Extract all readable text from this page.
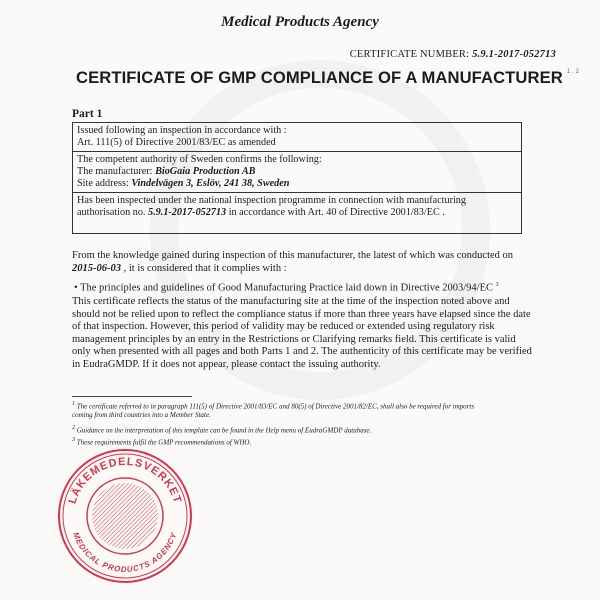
Medical Products Agency
CERTIFICATE NUMBER: 5.9.1-2017-052713
CERTIFICATE OF GMP COMPLIANCE OF A MANUFACTURER $^{1 , 2}$
Part 1
Issued following an inspection in accordance with :
Art. 111(5) of Directive 2001/83/EC as amended
The competent authority of Sweden confirms the following:
The manufacturer: BioGaia Production AB
Site address: Vindelvägen 3, Eslöv, 241 38, Sweden
Has been inspected under the national inspection programme in connection with manufacturing
authorisation no. 5.9.1-2017-052713 in accordance with Art. 40 of Directive 2001/83/EC .
From the knowledge gained during inspection of this manufacturer, the latest of which was conducted on
2015-06-03 , it is considered that it complies with :
• The principles and guidelines of Good Manufacturing Practice laid down in Directive 2003/94/EC $^3$
This certificate reflects the status of the manufacturing site at the time of the inspection noted above and
should not be relied upon to reflect the compliance status if more than three years have elapsed since the date
of that inspection. However, this period of validity may be reduced or extended using regulatory risk
management principles by an entry in the Restrictions or Clarifying remarks field. This certificate is valid
only when presented with all pages and both Parts 1 and 2. The authenticity of this certificate may be verified
in EudraGMDP. If it does not appear, please contact the issuing authority.
$^1$ The certificate referred to in paragraph 111(5) of Directive 2001/83/EC and 80(5) of Directive 2001/82/EC, shall also be required for imports
coming from third countries into a Member State.
$^2$ Guidance on the interpretation of this template can be found in the Help menu of EudraGMDP database.
$^3$ These requirements fulfil the GMP recommendations of WHO.
LÄKEMEDELSVERKET
MEDICAL PRODUCTS AGENCY
